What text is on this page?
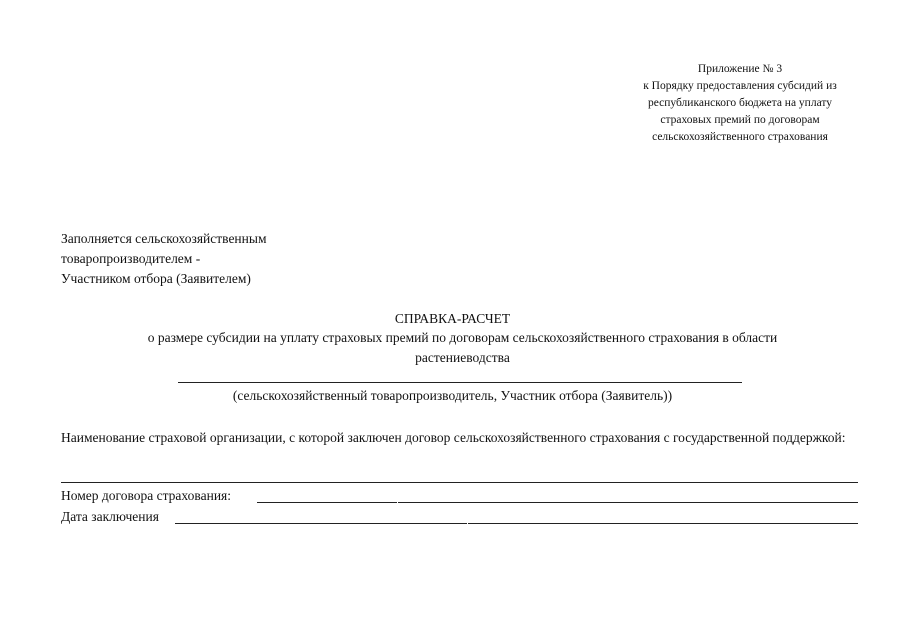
Приложение № 3
к Порядку предоставления субсидий из
республиканского бюджета на уплату
страховых премий по договорам
сельскохозяйственного страхования
Заполняется сельскохозяйственным
товаропроизводителем -
Участником отбора (Заявителем)
СПРАВКА-РАСЧЕТ
о размере субсидии на уплату страховых премий по договорам сельскохозяйственного страхования в области растениеводства
(сельскохозяйственный товаропроизводитель, Участник отбора (Заявитель))
Наименование страховой организации, с которой заключен договор сельскохозяйственного страхования с государственной поддержкой:
Номер договора страхования:
Дата заключения
